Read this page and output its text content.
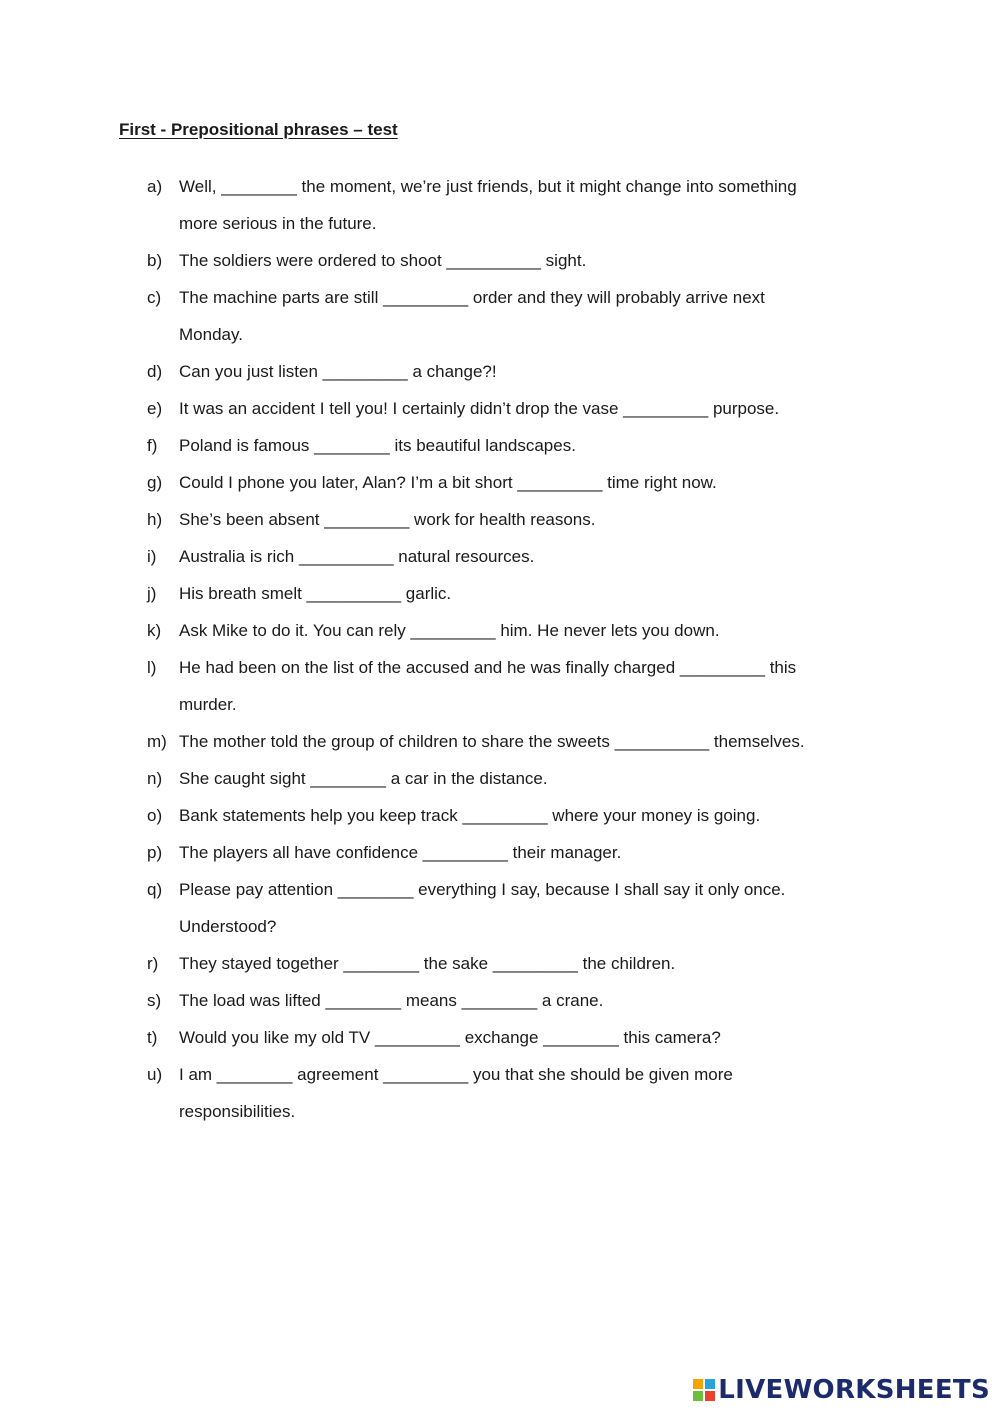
First - Prepositional phrases – test
a) Well, ________ the moment, we’re just friends, but it might change into something
more serious in the future.
b) The soldiers were ordered to shoot __________ sight.
c)	The machine parts are still _________ order and they will probably arrive next
Monday.
d) Can you just listen _________ a change?!
e) It was an accident I tell you! I certainly didn’t drop the vase _________ purpose.
f)	Poland is famous ________ its beautiful landscapes.
g) Could I phone you later, Alan? I’m a bit short _________ time right now.
h) She’s been absent _________ work for health reasons.
i)	Australia is rich __________ natural resources.
j)	His breath smelt __________ garlic.
k)	Ask Mike to do it. You can rely _________ him. He never lets you down.
l)	He had been on the list of the accused and he was finally charged _________ this
murder.
m) The mother told the group of children to share the sweets __________ themselves.
n) She caught sight ________ a car in the distance.
o) Bank statements help you keep track _________ where your money is going.
p) The players all have confidence _________ their manager.
q) Please pay attention ________ everything I say, because I shall say it only once.
Understood?
r)	They stayed together ________ the sake _________ the children.
s)	The load was lifted ________ means ________ a crane.
t)	Would you like my old TV _________ exchange ________ this camera?
u) I am ________ agreement _________ you that she should be given more
responsibilities.
LIVEWORKSHEETS
